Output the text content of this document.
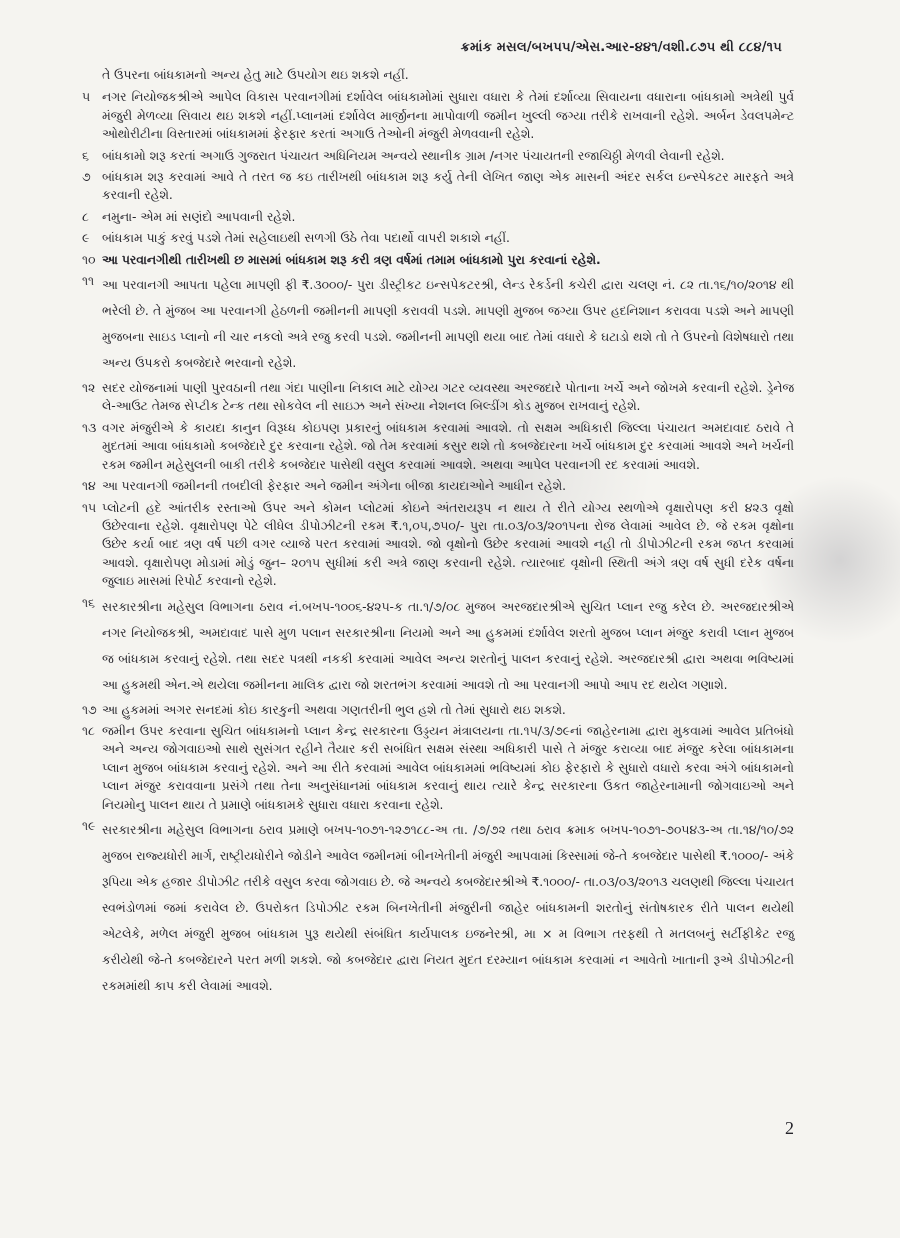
ક્રમાંક મસલ/બખપ૫/એસ.આર-૪૪૧/વશી.૮૭૫ થી ૮૮૪/૧૫
તે ઉપરના બાંધકામનો અન્ય હેતુ માટે ઉપયોગ થઇ શકશે નહીં.
૫ નગર નિયોજકશ્રીએ આપેલ વિકાસ પરવાનગીમાં દર્શાવેલ બાંધકામોમાં સુધારા વધારા કે તેમાં દર્શાવ્યા સિવાયના વધારાના બાંધકામો અત્રેથી પુર્વ મંજુરી મેળવ્યા સિવાય થઇ શકશે નહીં.પ્લાનમાં દર્શાવેલ માર્જીનના માપોવાળી જમીન ખુલ્લી જગ્યા તરીકે રાખવાની રહેશે. અર્બન ડેવલપમેન્ટ ઓથોરીટીના વિસ્તારમાં બાંધકામમાં ફેરફાર કરતાં અગાઉ તેઓની મંજુરી મેળવવાની રહેશે.
૬	બાંધકામો શરૂ કરતાં અગાઉ ગુજરાત પંચાયત અધિનિયમ અન્વયે સ્થાનીક ગ્રામ /નગર પંચાયતની રજાચિઠ્ઠી મેળવી લેવાની રહેશે.
૭ બાંધકામ શરૂ કરવામાં આવે તે તરત જ કઇ તારીખથી બાંધકામ શરૂ કર્યુ તેની લેખિત જાણ એક માસની અંદર સર્કલ ઇન્સ્પેકટર મારફતે અત્રે કરવાની રહેશે.
૮	નમુના- એમ માં સણંદો આપવાની રહેશે.
૯	બાંધકામ પાકું કરવું પડશે તેમાં સહેલાઇથી સળગી ઉઠે તેવા પદાર્થો વાપરી શકાશે નહીં.
૧૦ આ પરવાનગીથી તારીખથી છ માસમાં બાંધકામ શરૂ કરી ત્રણ વર્ષમાં તમામ બાંધકામો પુરા કરવાનાં રહેશે.
૧૧ આ પરવાનગી આપતા પહેલા માપણી ફી ₹.૩૦૦૦/- પુરા ડીસ્ટ્રીકટ ઇન્સપેકટરશ્રી, લેન્ડ રેકર્ડની કચેરી દ્વારા ચલણ નં. ૮૨ તા.૧૬/૧૦/૨૦૧૪ થી ભરેલી છે. તે મુંજબ આ પરવાનગી હેઠળની જમીનની માપણી કરાવવી પડશે. માપણી મુજબ જગ્યા ઉપર હદનિશાન કરાવવા પડશે અને માપણી મુજબના સાઇડ પ્લાનો ની ચાર નકલો અત્રે રજુ કરવી પડશે. જમીનની માપણી થયા બાદ તેમાં વધારો કે ઘટાડો થશે તો તે ઉપરનો વિશેષધારો તથા અન્ય ઉપકરો કબજેદારે ભરવાનો રહેશે.
૧૨ સદર યોજનામાં પાણી પુરવઠાની તથા ગંદા પાણીના નિકાલ માટે યોગ્ય ગટર વ્યવસ્થા અરજદારે પોતાના ખર્ચે અને જોખમે કરવાની રહેશે. ડ્રેનેજ લે-આઉટ તેમજ સેપ્ટીક ટેન્ક તથા સોકવેલ ની સાઇઝ અને સંખ્યા નેશનલ બિલ્ડીંગ કોડ મુજબ રાખવાનું રહેશે.
૧૩ વગર મંજુરીએ કે કાયદા કાનુન વિરૂધ્ધ કોઇપણ પ્રકારનું બાંધકામ કરવામાં આવશે. તો સક્ષમ અધિકારી જિલ્લા પંચાયત અમદાવાદ ઠરાવે તે મુદતમાં આવા બાંધકામો કબજેદારે દુર કરવાના રહેશે. જો તેમ કરવામાં કસુર થશે તો કબજેદારના ખર્ચે બાંધકામ દુર કરવામાં આવશે અને ખર્ચની રકમ જમીન મહેસુલની બાકી તરીકે કબજેદાર પાસેથી વસુલ કરવામાં આવશે. અથવા આપેલ પરવાનગી રદ કરવામાં આવશે.
૧૪ આ પરવાનગી જમીનની તબદીલી ફેરફાર અને જમીન અંગેના બીજા કાયદાઓને આધીન રહેશે.
૧૫ પ્લોટની હદે આંતરીક રસ્તાઓ ઉપર અને કોમન પ્લોટમાં કોઇને અંતરાયરૂપ ન થાય તે રીતે યોગ્ય સ્થળોએ વૃક્ષારોપણ કરી ૪૨૩ વૃક્ષો ઉછેરવાના રહેશે. વૃક્ષારોપણ પેટે લીધેલ ડીપોઝીટની રકમ ₹.૧,૦૫,૭૫૦/- પુરા તા.૦૩/૦૩/૨૦૧૫ના રોજ લેવામાં આવેલ છે. જે રકમ વૃક્ષોના ઉછેર કર્યા બાદ ત્રણ વર્ષ પછી વગર વ્યાજે પરત કરવામાં આવશે. જો વૃક્ષોનો ઉછેર કરવામાં આવશે નહી તો ડીપોઝીટની રકમ જપ્ત કરવામાં આવશે. વૃક્ષારોપણ મોડામાં મોડું જુન– ૨૦૧૫ સુધીમાં કરી અત્રે જાણ કરવાની રહેશે. ત્યારબાદ વૃક્ષોની સ્થિતી અંગે ત્રણ વર્ષ સુધી દરેક વર્ષના જુલાઇ માસમાં રિપોર્ટ કરવાનો રહેશે.
૧૬ સરકારશ્રીના મહેસુલ વિભાગના ઠરાવ નં.બખપ-૧૦૦૬-૪૨૫-ક તા.૧/૭/૦૮ મુજબ અરજદારશ્રીએ સુચિત પ્લાન રજુ કરેલ છે. અરજદારશ્રીએ નગર નિયોજકશ્રી, અમદાવાદ પાસે મુળ પલાન સરકારશ્રીના નિયમો અને આ હુકમમાં દર્શાવેલ શરતો મુજબ પ્લાન મંજુર કરાવી પ્લાન મુજબ જ બાંધકામ કરવાનું રહેશે. તથા સદર પત્રથી નકકી કરવામાં આવેલ અન્ય શરતોનું પાલન કરવાનું રહેશે. અરજદારશ્રી દ્વારા અથવા ભવિષ્યમાં આ હુકમથી એન.એ થયેલા જમીનના માલિક દ્વારા જો શરતભંગ કરવામાં આવશે તો આ પરવાનગી આપો આપ રદ થયેલ ગણાશે.
૧૭ આ હુકમમાં અગર સનદમાં કોઇ કારકુની અથવા ગણતરીની ભુલ હશે તો તેમાં સુધારો થઇ શકશે.
૧૮ જમીન ઉપર કરવાના સુચિત બાંધકામનો પ્લાન કેન્દ્ર સરકારના ઉડ્ડયન મંત્રાલયના તા.૧૫/૩/૭૯નાં જાહેરનામા દ્વારા મુકવામાં આવેલ પ્રતિબંધો અને અન્ય જોગવાઇઓ સાથે સુસંગત રહીને તૈયાર કરી સબંધિત સક્ષમ સંસ્થા અધિકારી પાસે તે મંજુર કરાવ્યા બાદ મંજુર કરેલા બાંધકામના પ્લાન મુજબ બાંધકામ કરવાનું રહેશે. અને આ રીતે કરવામાં આવેલ બાંધકામમાં ભવિષ્યમાં કોઇ ફેરફારો કે સુધારો વધારો કરવા અંગે બાંધકામનો પ્લાન મંજુર કરાવવાના પ્રસંગે તથા તેના અનુસંધાનમાં બાંધકામ કરવાનું થાય ત્યારે કેન્દ્ર સરકારના ઉકત જાહેરનામાની જોગવાઇઓ અને નિયમોનુ પાલન થાય તે પ્રમાણે બાંધકામકે સુધારા વધારા કરવાના રહેશે.
૧૯ સરકારશ્રીના મહેસુલ વિભાગના ઠરાવ પ્રમાણે બખપ-૧૦૭૧-૧૨૭૧૮૮-અ તા. /૭/૭૨ તથા ઠરાવ ક્રમાક બખપ-૧૦૭૧-૭૦૫૪૩-અ તા.૧૪/૧૦/૭૨ મુજબ રાજ્યધોરી માર્ગ, રાષ્ટ્રીયધોરીને જોડીને આવેલ જમીનમાં બીનખેતીની મંજુરી આપવામાં કિસ્સામાં જે-તે કબજેદાર પાસેથી ₹.૧૦૦૦/- અંકે રૂપિયા એક હજાર ડીપોઝીટ તરીકે વસુલ કરવા જોગવાઇ છે. જે અન્વયે કબજેદારશ્રીએ ₹.૧૦૦૦/- તા.૦૩/૦૩/૨૦૧૩ ચલણથી જિલ્લા પંચાયત સ્વભંડોળમાં જમાં કરાવેલ છે. ઉપરોકત ડિપોઝીટ રકમ બિનખેતીની મંજુરીની જાહેર બાંધકામની શરતોનું સંતોષકારક રીતે પાલન થયેથી એટલેકે, મળેલ મંજુરી મુજબ બાંધકામ પુરૂ થયેથી સંબંધિત કાર્યપાલક ઇજનેરશ્રી, મા × મ વિભાગ તરફથી તે મતલબનું સર્ટીફીકેટ રજુ કરીયેથી જે-તે કબજેદારને પરત મળી શકશે. જો કબજેદાર દ્વારા નિયત મુદત દરમ્યાન બાંધકામ કરવામાં ન આવેતો ખાતાની રૂએ ડીપોઝીટની રકમમાંથી કાપ કરી લેવામાં આવશે.
2
